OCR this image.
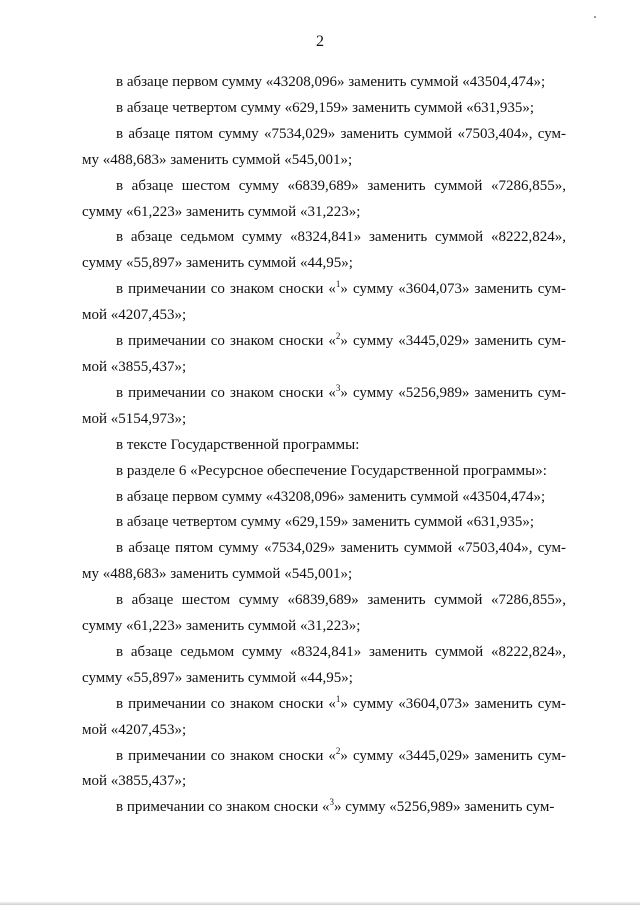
2
в абзаце первом сумму «43208,096» заменить суммой «43504,474»;
в абзаце четвертом сумму «629,159» заменить суммой «631,935»;
в абзаце пятом сумму «7534,029» заменить суммой «7503,404», сум-
му «488,683» заменить суммой «545,001»;
в абзаце шестом сумму «6839,689» заменить суммой «7286,855»,
сумму «61,223» заменить суммой «31,223»;
в абзаце седьмом сумму «8324,841» заменить суммой «8222,824»,
сумму «55,897» заменить суммой «44,95»;
в примечании со знаком сноски «$^1$» сумму «3604,073» заменить сум-
мой «4207,453»;
в примечании со знаком сноски «$^2$» сумму «3445,029» заменить сум-
мой «3855,437»;
в примечании со знаком сноски «$^3$» сумму «5256,989» заменить сум-
мой «5154,973»;
в тексте Государственной программы:
в разделе 6 «Ресурсное обеспечение Государственной программы»:
в абзаце первом сумму «43208,096» заменить суммой «43504,474»;
в абзаце четвертом сумму «629,159» заменить суммой «631,935»;
в абзаце пятом сумму «7534,029» заменить суммой «7503,404», сум-
му «488,683» заменить суммой «545,001»;
в абзаце шестом сумму «6839,689» заменить суммой «7286,855»,
сумму «61,223» заменить суммой «31,223»;
в абзаце седьмом сумму «8324,841» заменить суммой «8222,824»,
сумму «55,897» заменить суммой «44,95»;
в примечании со знаком сноски «$^1$» сумму «3604,073» заменить сум-
мой «4207,453»;
в примечании со знаком сноски «$^2$» сумму «3445,029» заменить сум-
мой «3855,437»;
в примечании со знаком сноски «$^3$» сумму «5256,989» заменить сум-
